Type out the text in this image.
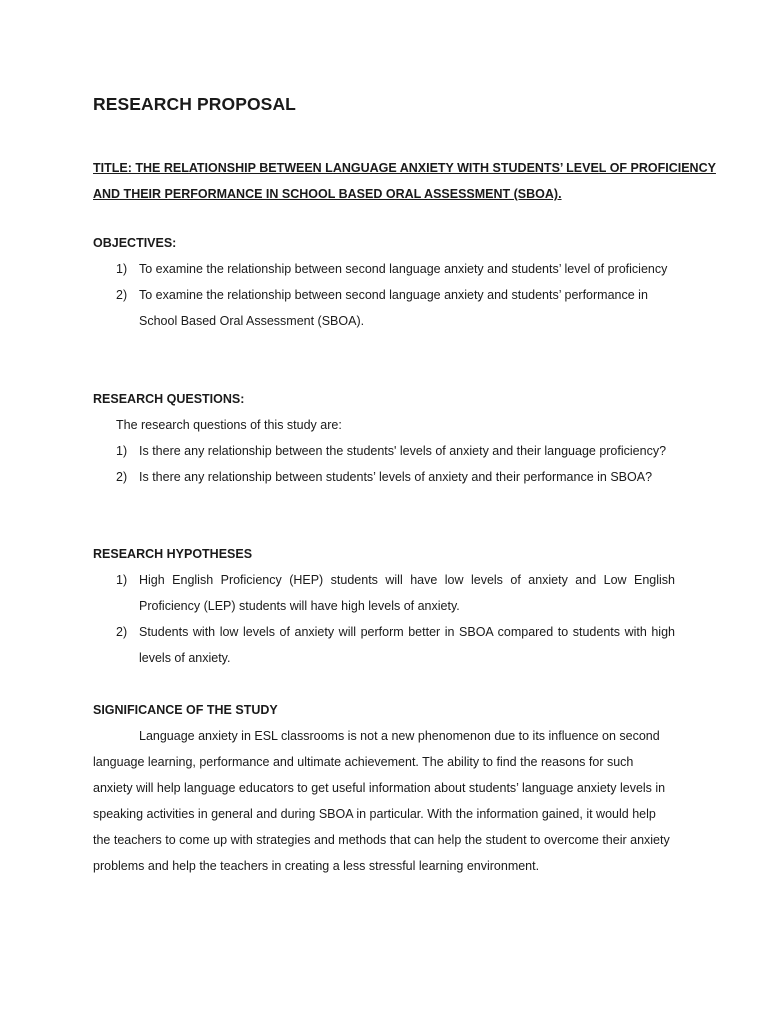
RESEARCH PROPOSAL
TITLE: THE RELATIONSHIP BETWEEN LANGUAGE ANXIETY WITH STUDENTS’ LEVEL OF PROFICIENCY
AND THEIR PERFORMANCE IN SCHOOL BASED ORAL ASSESSMENT (SBOA).
OBJECTIVES:
1) To examine the relationship between second language anxiety and students’ level of proficiency
2) To examine the relationship between second language anxiety and students’ performance in School Based Oral Assessment (SBOA).
RESEARCH QUESTIONS:
The research questions of this study are:
1) Is there any relationship between the students' levels of anxiety and their language proficiency?
2) Is there any relationship between students’ levels of anxiety and their performance in SBOA?
RESEARCH HYPOTHESES
1) High English Proficiency (HEP) students will have low levels of anxiety and Low English Proficiency (LEP) students will have high levels of anxiety.
2) Students with low levels of anxiety will perform better in SBOA compared to students with high levels of anxiety.
SIGNIFICANCE OF THE STUDY
Language anxiety in ESL classrooms is not a new phenomenon due to its influence on second language learning, performance and ultimate achievement. The ability to find the reasons for such anxiety will help language educators to get useful information about students’ language anxiety levels in speaking activities in general and during SBOA in particular. With the information gained, it would help the teachers to come up with strategies and methods that can help the student to overcome their anxiety problems and help the teachers in creating a less stressful learning environment.
